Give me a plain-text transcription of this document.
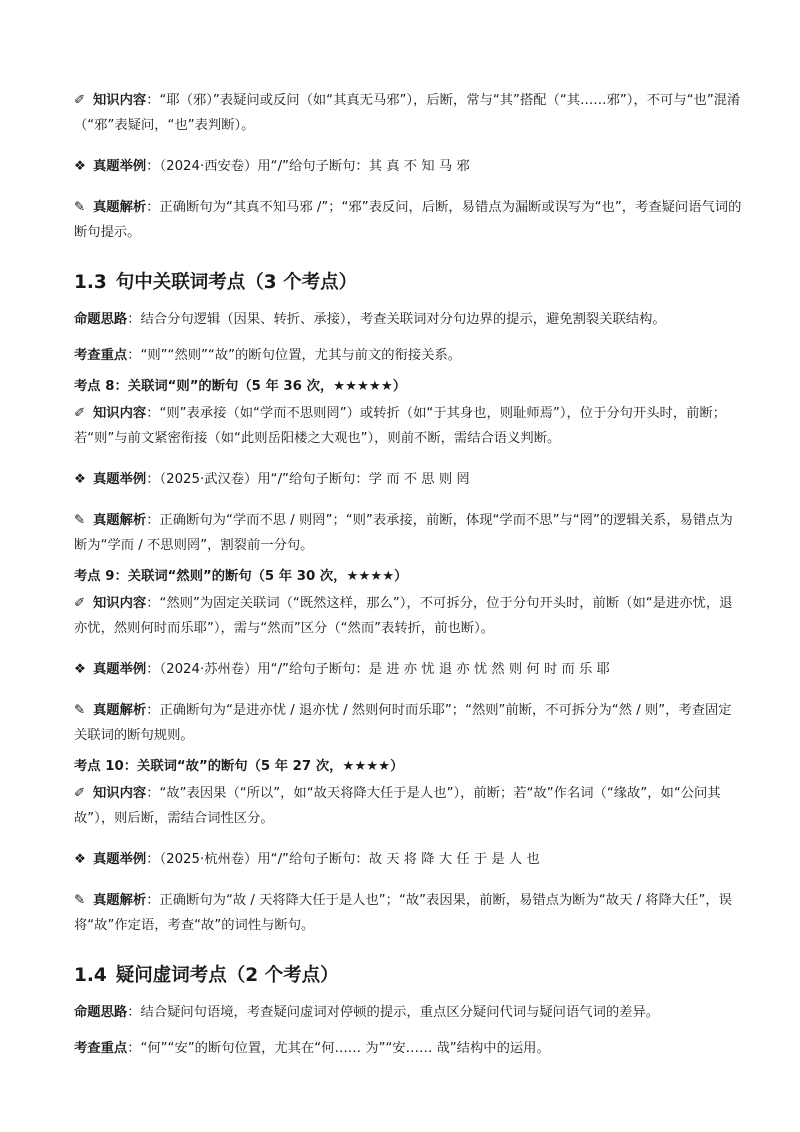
✐ 知识内容：“耶（邪）”表疑问或反问（如“其真无马邪”），后断，常与“其”搭配（“其……邪”），不可与“也”混淆（“邪”表疑问，“也”表判断）。

❖ 真题举例：（2024·西安卷）用“/”给句子断句：其 真 不 知 马 邪

✎ 真题解析：正确断句为“其真不知马邪 /”；“邪”表反问，后断，易错点为漏断或误写为“也”，考查疑问语气词的断句提示。

1.3 句中关联词考点（3 个考点）

命题思路：结合分句逻辑（因果、转折、承接），考查关联词对分句边界的提示，避免割裂关联结构。

考查重点：“则”“然则”“故”的断句位置，尤其与前文的衔接关系。

考点 8：关联词“则”的断句（5 年 36 次，★★★★★）

✐ 知识内容：“则”表承接（如“学而不思则罔”）或转折（如“于其身也，则耻师焉”），位于分句开头时，前断；若“则”与前文紧密衔接（如“此则岳阳楼之大观也”），则前不断，需结合语义判断。

❖ 真题举例：（2025·武汉卷）用“/”给句子断句：学 而 不 思 则 罔

✎ 真题解析：正确断句为“学而不思 / 则罔”；“则”表承接，前断，体现“学而不思”与“罔”的逻辑关系，易错点为断为“学而 / 不思则罔”，割裂前一分句。

考点 9：关联词“然则”的断句（5 年 30 次，★★★★）

✐ 知识内容：“然则”为固定关联词（“既然这样，那么”），不可拆分，位于分句开头时，前断（如“是进亦忧，退亦忧，然则何时而乐耶”），需与“然而”区分（“然而”表转折，前也断）。

❖ 真题举例：（2024·苏州卷）用“/”给句子断句：是 进 亦 忧 退 亦 忧 然 则 何 时 而 乐 耶

✎ 真题解析：正确断句为“是进亦忧 / 退亦忧 / 然则何时而乐耶”；“然则”前断，不可拆分为“然 / 则”，考查固定关联词的断句规则。

考点 10：关联词“故”的断句（5 年 27 次，★★★★）

✐ 知识内容：“故”表因果（“所以”，如“故天将降大任于是人也”），前断；若“故”作名词（“缘故”，如“公问其故”），则后断，需结合词性区分。

❖ 真题举例：（2025·杭州卷）用“/”给句子断句：故 天 将 降 大 任 于 是 人 也

✎ 真题解析：正确断句为“故 / 天将降大任于是人也”；“故”表因果，前断，易错点为断为“故天 / 将降大任”，误将“故”作定语，考查“故”的词性与断句。

1.4 疑问虚词考点（2 个考点）

命题思路：结合疑问句语境，考查疑问虚词对停顿的提示，重点区分疑问代词与疑问语气词的差异。

考查重点：“何”“安”的断句位置，尤其在“何…… 为”“安…… 哉”结构中的运用。
